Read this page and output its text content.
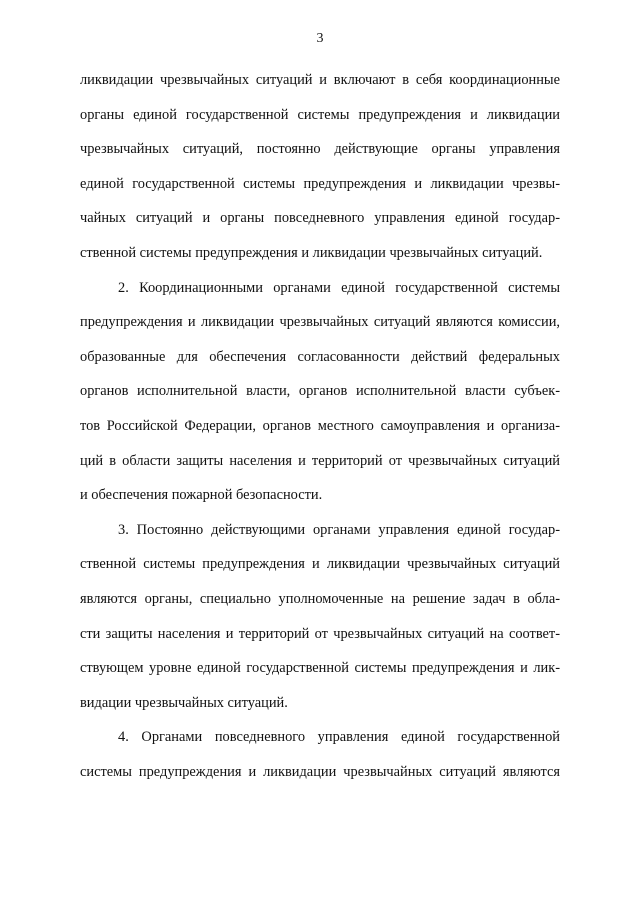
3
ликвидации чрезвычайных ситуаций и включают в себя координационные
органы единой государственной системы предупреждения и ликвидации
чрезвычайных ситуаций, постоянно действующие органы управления
единой государственной системы предупреждения и ликвидации чрезвы-
чайных ситуаций и органы повседневного управления единой государ-
ственной системы предупреждения и ликвидации чрезвычайных ситуаций.
2. Координационными органами единой государственной системы
предупреждения и ликвидации чрезвычайных ситуаций являются комиссии,
образованные для обеспечения согласованности действий федеральных
органов исполнительной власти, органов исполнительной власти субъек-
тов Российской Федерации, органов местного самоуправления и организа-
ций в области защиты населения и территорий от чрезвычайных ситуаций
и обеспечения пожарной безопасности.
3. Постоянно действующими органами управления единой государ-
ственной системы предупреждения и ликвидации чрезвычайных ситуаций
являются органы, специально уполномоченные на решение задач в обла-
сти защиты населения и территорий от чрезвычайных ситуаций на соответ-
ствующем уровне единой государственной системы предупреждения и лик-
видации чрезвычайных ситуаций.
4. Органами повседневного управления единой государственной
системы предупреждения и ликвидации чрезвычайных ситуаций являются
